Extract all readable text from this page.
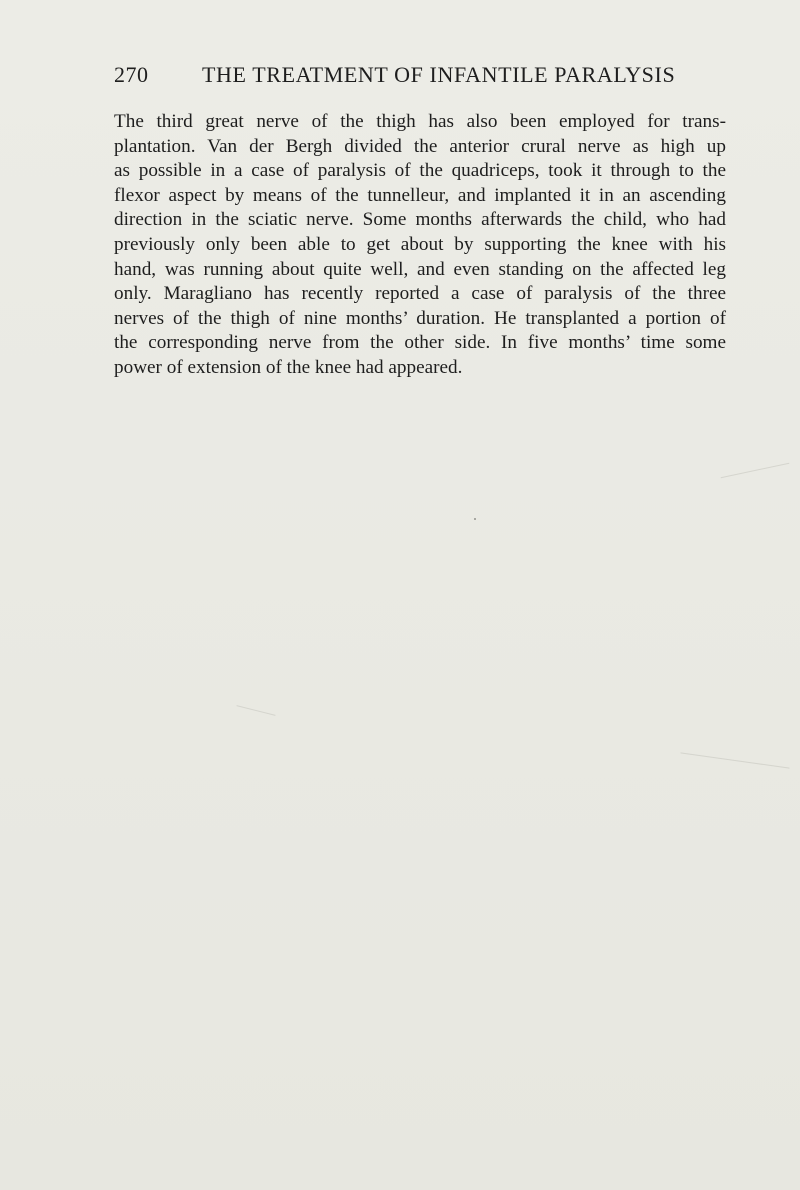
270 THE TREATMENT OF INFANTILE PARALYSIS
The third great nerve of the thigh has also been employed for trans-
plantation. Van der Bergh divided the anterior crural nerve as high up
as possible in a case of paralysis of the quadriceps, took it through to the
flexor aspect by means of the tunnelleur, and implanted it in an ascending
direction in the sciatic nerve. Some months afterwards the child, who had
previously only been able to get about by supporting the knee with his
hand, was running about quite well, and even standing on the affected leg
only. Maragliano has recently reported a case of paralysis of the three
nerves of the thigh of nine months’ duration. He transplanted a portion of
the corresponding nerve from the other side. In five months’ time some
power of extension of the knee had appeared.
